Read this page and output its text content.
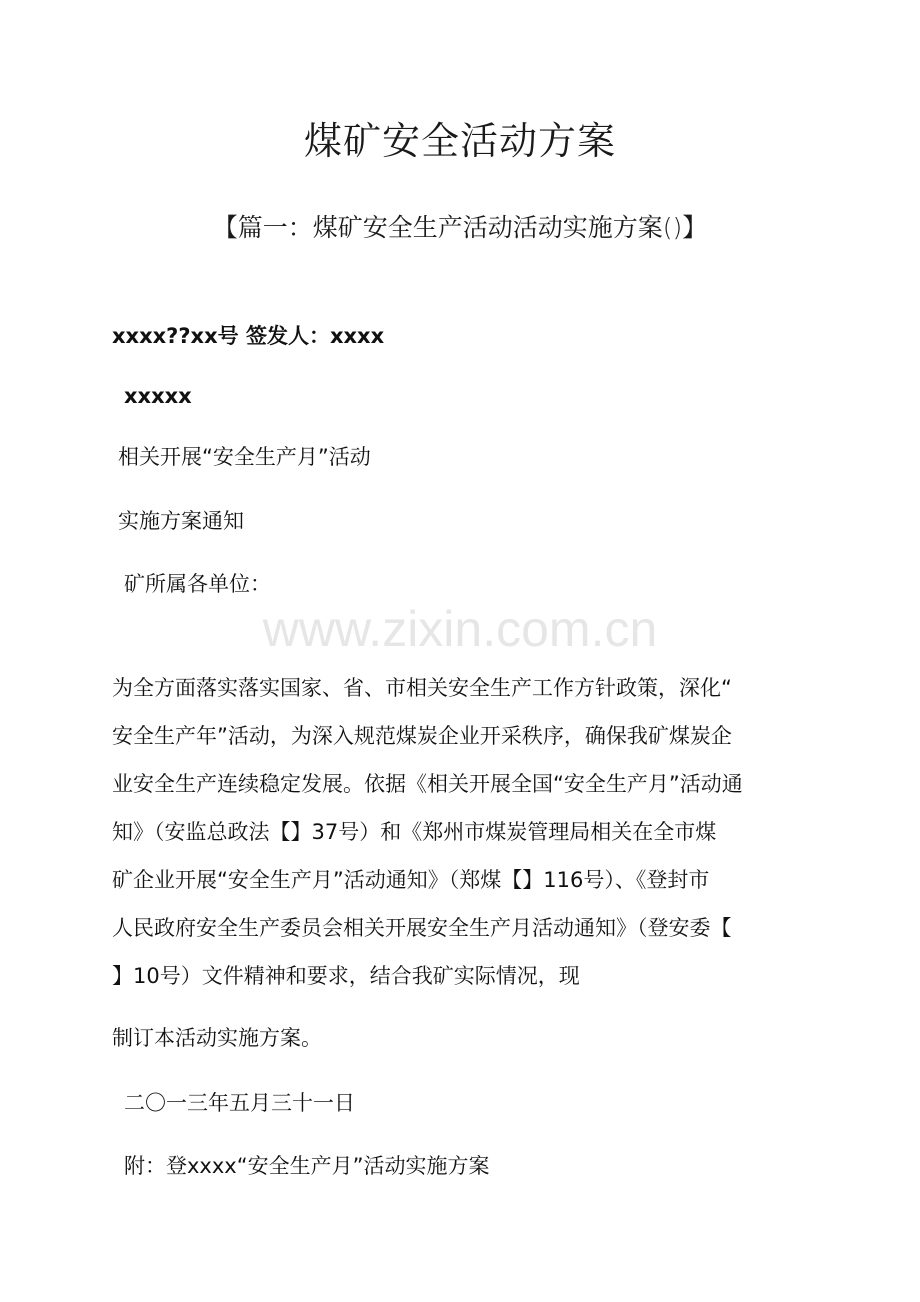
煤矿安全活动方案
【篇一：煤矿安全生产活动活动实施方案()】
xxxx??xx号 签发人：xxxx
xxxxx
相关开展“安全生产月”活动
实施方案通知
矿所属各单位：
www.zixin.com.cn
为全方面落实落实国家、省、市相关安全生产工作方针政策，深化“
安全生产年”活动，为深入规范煤炭企业开采秩序，确保我矿煤炭企
业安全生产连续稳定发展。依据《相关开展全国“安全生产月”活动通
知》（安监总政法【】37号）和《郑州市煤炭管理局相关在全市煤
矿企业开展“安全生产月”活动通知》（郑煤【】116号）、《登封市
人民政府安全生产委员会相关开展安全生产月活动通知》（登安委【
】10号）文件精神和要求，结合我矿实际情况，现
制订本活动实施方案。
二〇一三年五月三十一日
附：登xxxx“安全生产月”活动实施方案
